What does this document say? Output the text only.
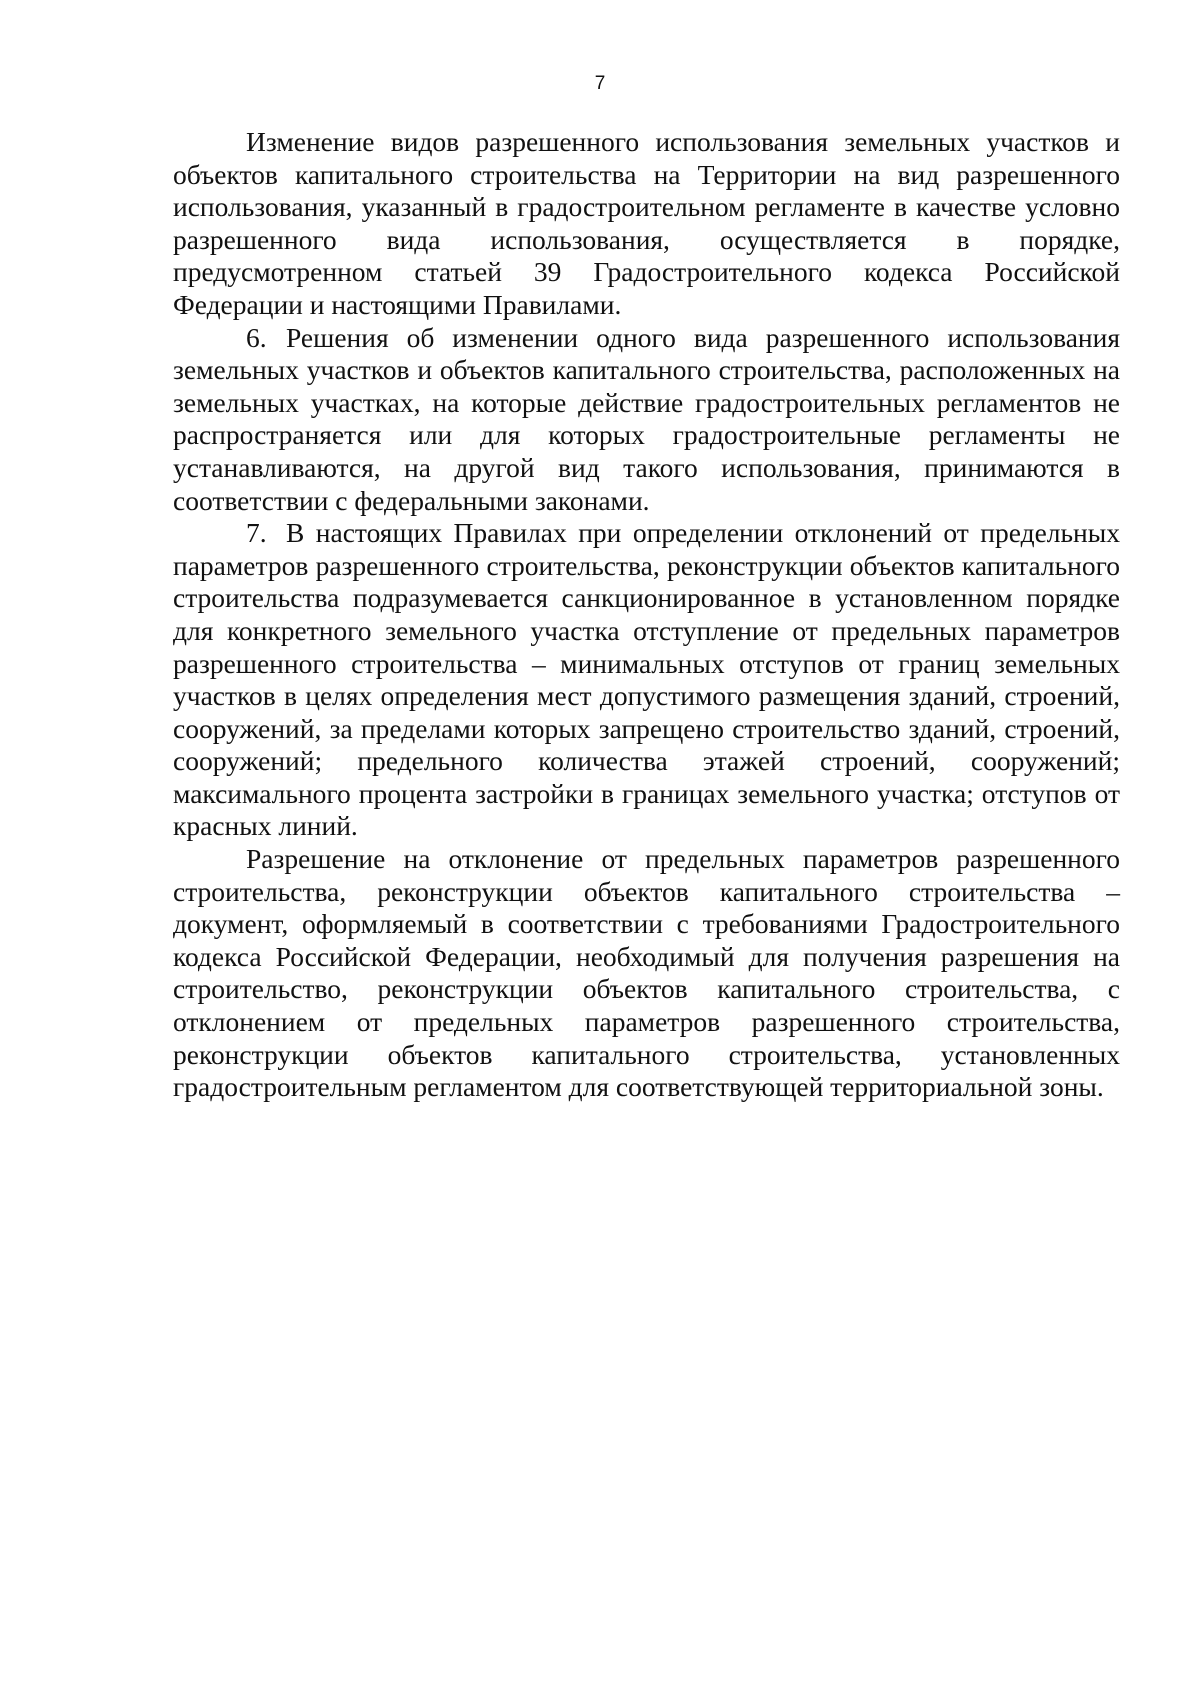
7

Изменение видов разрешенного использования земельных участков и объектов капитального строительства на Территории на вид разрешенного использования, указанный в градостроительном регламенте в качестве условно разрешенного вида использования, осуществляется в порядке, предусмотренном статьей 39 Градостроительного кодекса Российской Федерации и настоящими Правилами.

6. Решения об изменении одного вида разрешенного использования земельных участков и объектов капитального строительства, расположенных на земельных участках, на которые действие градостроительных регламентов не распространяется или для которых градостроительные регламенты не устанавливаются, на другой вид такого использования, принимаются в соответствии с федеральными законами.

7. В настоящих Правилах при определении отклонений от предельных параметров разрешенного строительства, реконструкции объектов капитального строительства подразумевается санкционированное в установленном порядке для конкретного земельного участка отступление от предельных параметров разрешенного строительства – минимальных отступов от границ земельных участков в целях определения мест допустимого размещения зданий, строений, сооружений, за пределами которых запрещено строительство зданий, строений, сооружений; предельного количества этажей строений, сооружений; максимального процента застройки в границах земельного участка; отступов от красных линий.

Разрешение на отклонение от предельных параметров разрешенного строительства, реконструкции объектов капитального строительства – документ, оформляемый в соответствии с требованиями Градостроительного кодекса Российской Федерации, необходимый для получения разрешения на строительство, реконструкции объектов капитального строительства, с отклонением от предельных параметров разрешенного строительства, реконструкции объектов капитального строительства, установленных градостроительным регламентом для соответствующей территориальной зоны.
